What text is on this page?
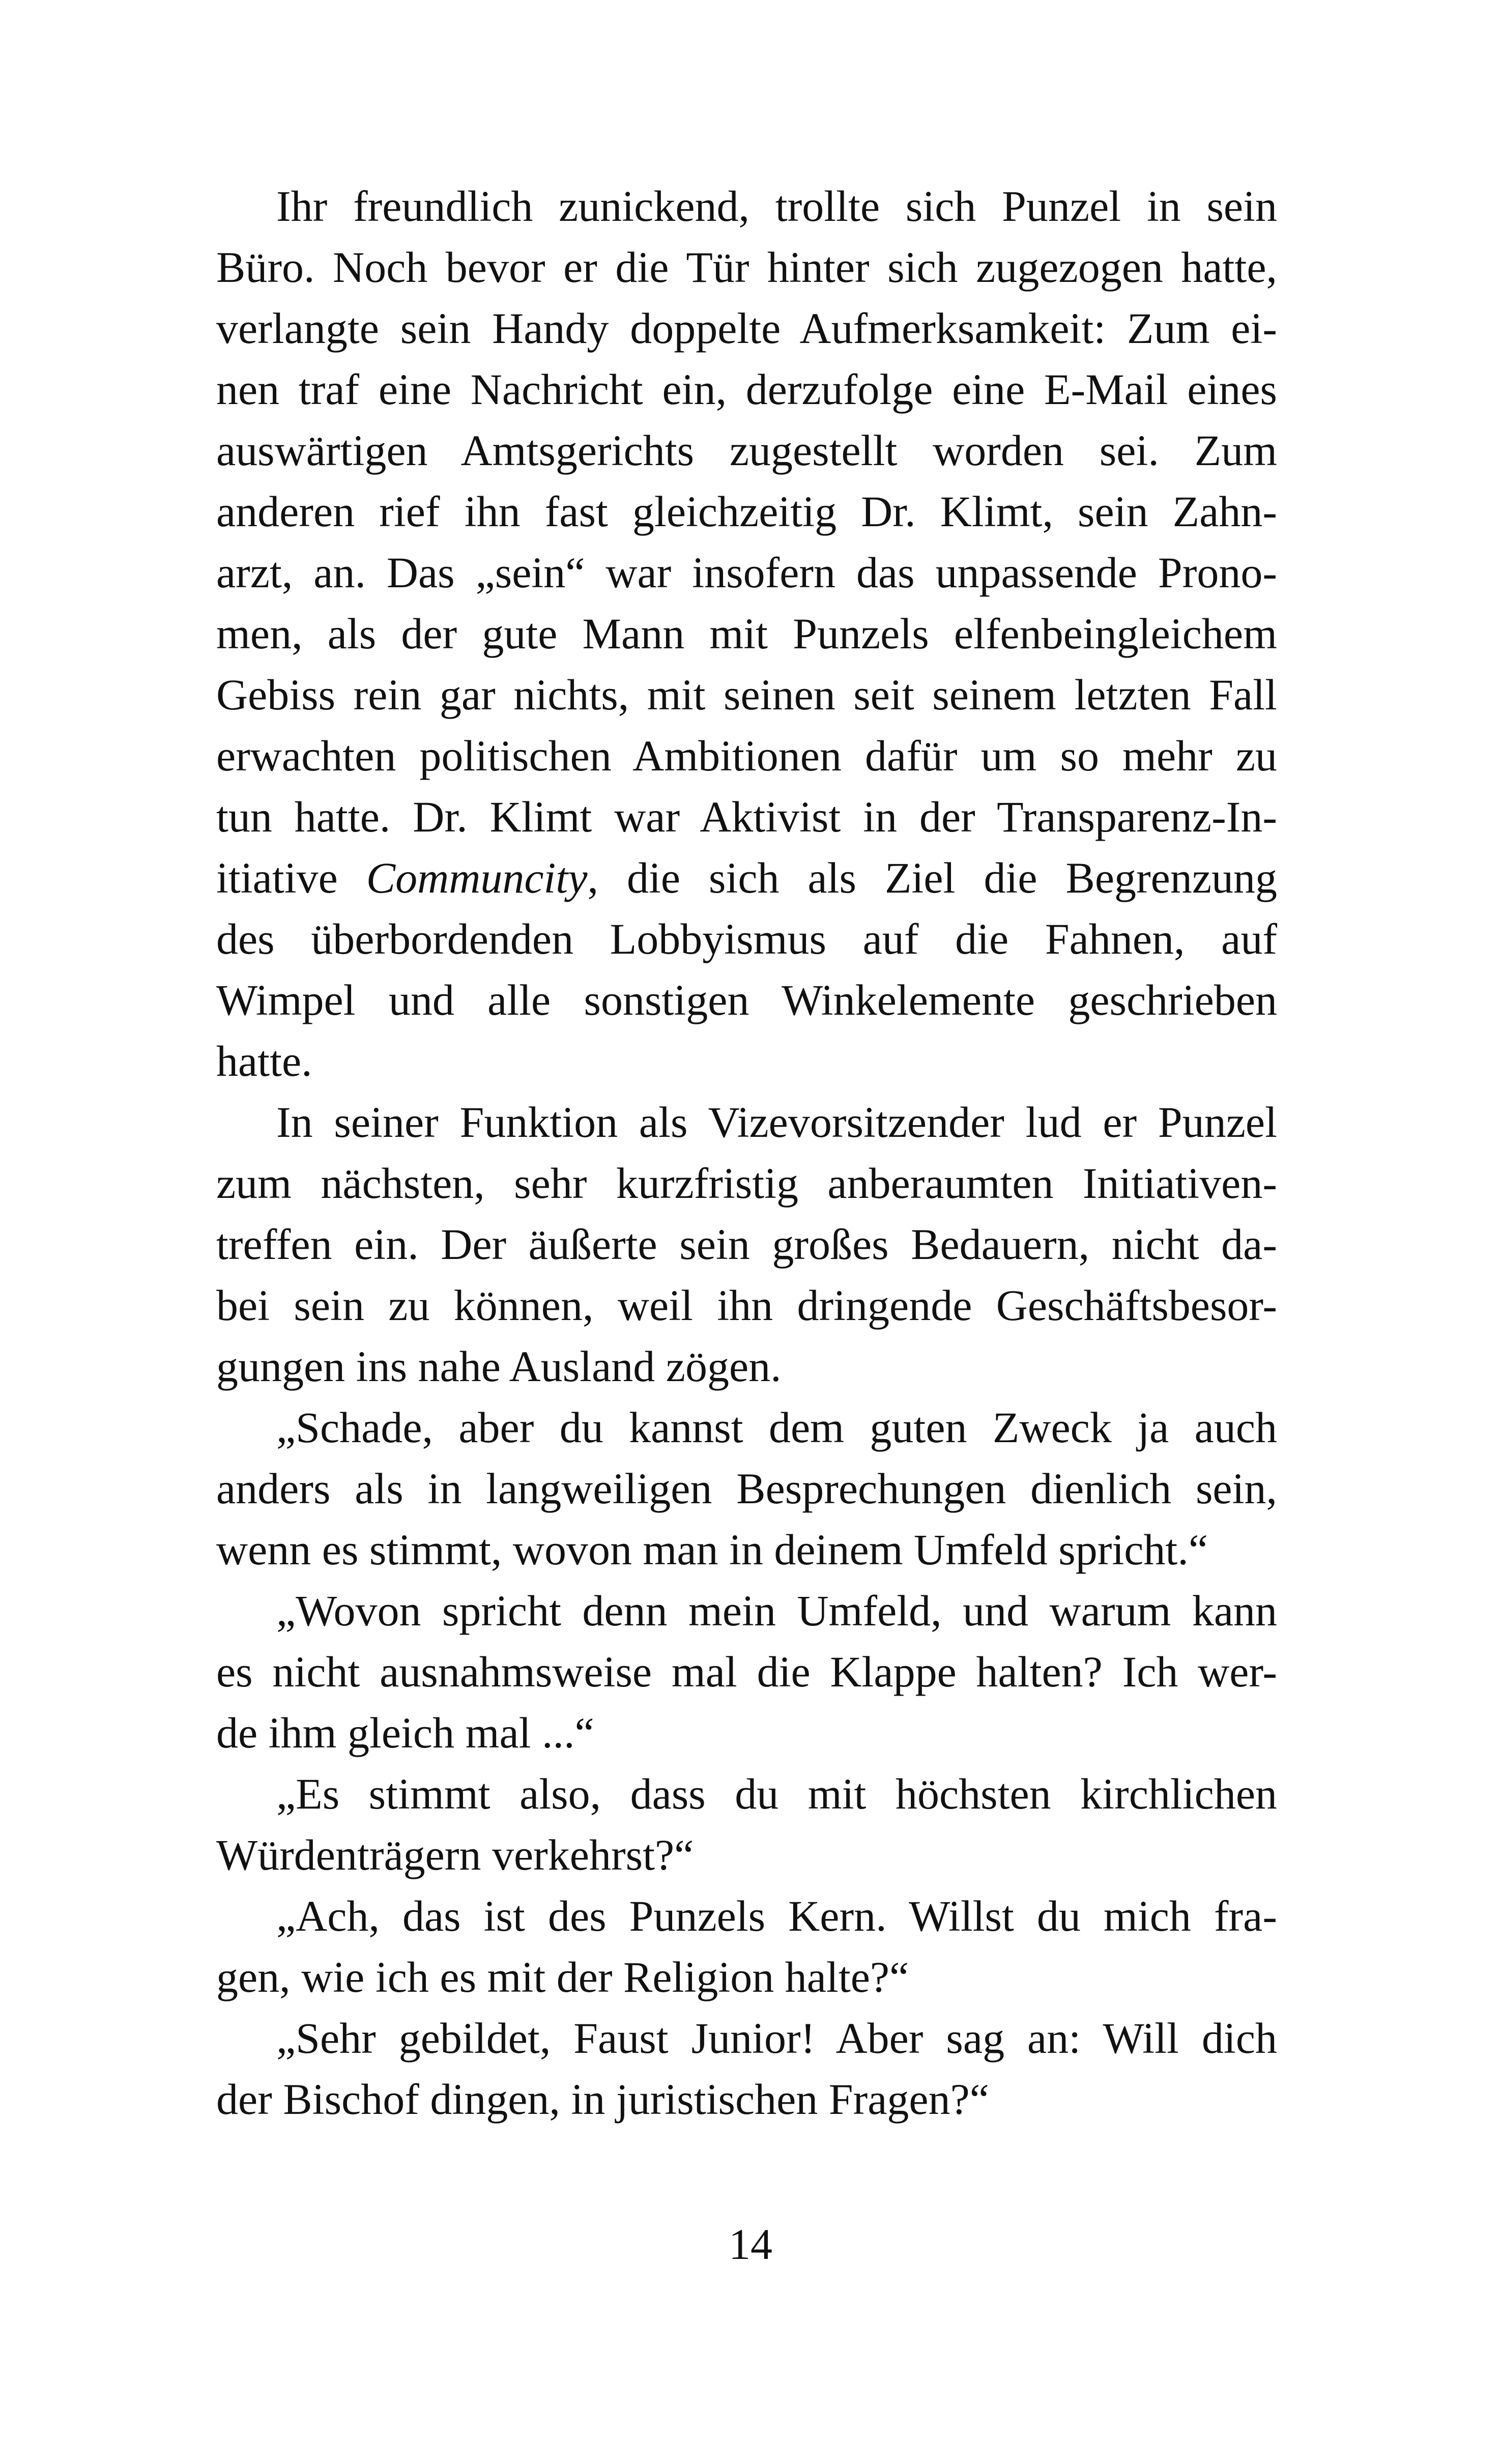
Ihr freundlich zunickend, trollte sich Punzel in sein
Büro. Noch bevor er die Tür hinter sich zugezogen hatte,
verlangte sein Handy doppelte Aufmerksamkeit: Zum ei-
nen traf eine Nachricht ein, derzufolge eine E-Mail eines
auswärtigen Amtsgerichts zugestellt worden sei. Zum
anderen rief ihn fast gleichzeitig Dr. Klimt, sein Zahn-
arzt, an. Das „sein“ war insofern das unpassende Prono-
men, als der gute Mann mit Punzels elfenbeingleichem
Gebiss rein gar nichts, mit seinen seit seinem letzten Fall
erwachten politischen Ambitionen dafür um so mehr zu
tun hatte. Dr. Klimt war Aktivist in der Transparenz-In-
itiative Communcity, die sich als Ziel die Begrenzung
des überbordenden Lobbyismus auf die Fahnen, auf
Wimpel und alle sonstigen Winkelemente geschrieben
hatte.
In seiner Funktion als Vizevorsitzender lud er Punzel
zum nächsten, sehr kurzfristig anberaumten Initiativen-
treffen ein. Der äußerte sein großes Bedauern, nicht da-
bei sein zu können, weil ihn dringende Geschäftsbesor-
gungen ins nahe Ausland zögen.
„Schade, aber du kannst dem guten Zweck ja auch
anders als in langweiligen Besprechungen dienlich sein,
wenn es stimmt, wovon man in deinem Umfeld spricht.“
„Wovon spricht denn mein Umfeld, und warum kann
es nicht ausnahmsweise mal die Klappe halten? Ich wer-
de ihm gleich mal ...“
„Es stimmt also, dass du mit höchsten kirchlichen
Würdenträgern verkehrst?“
„Ach, das ist des Punzels Kern. Willst du mich fra-
gen, wie ich es mit der Religion halte?“
„Sehr gebildet, Faust Junior! Aber sag an: Will dich
der Bischof dingen, in juristischen Fragen?“
14
